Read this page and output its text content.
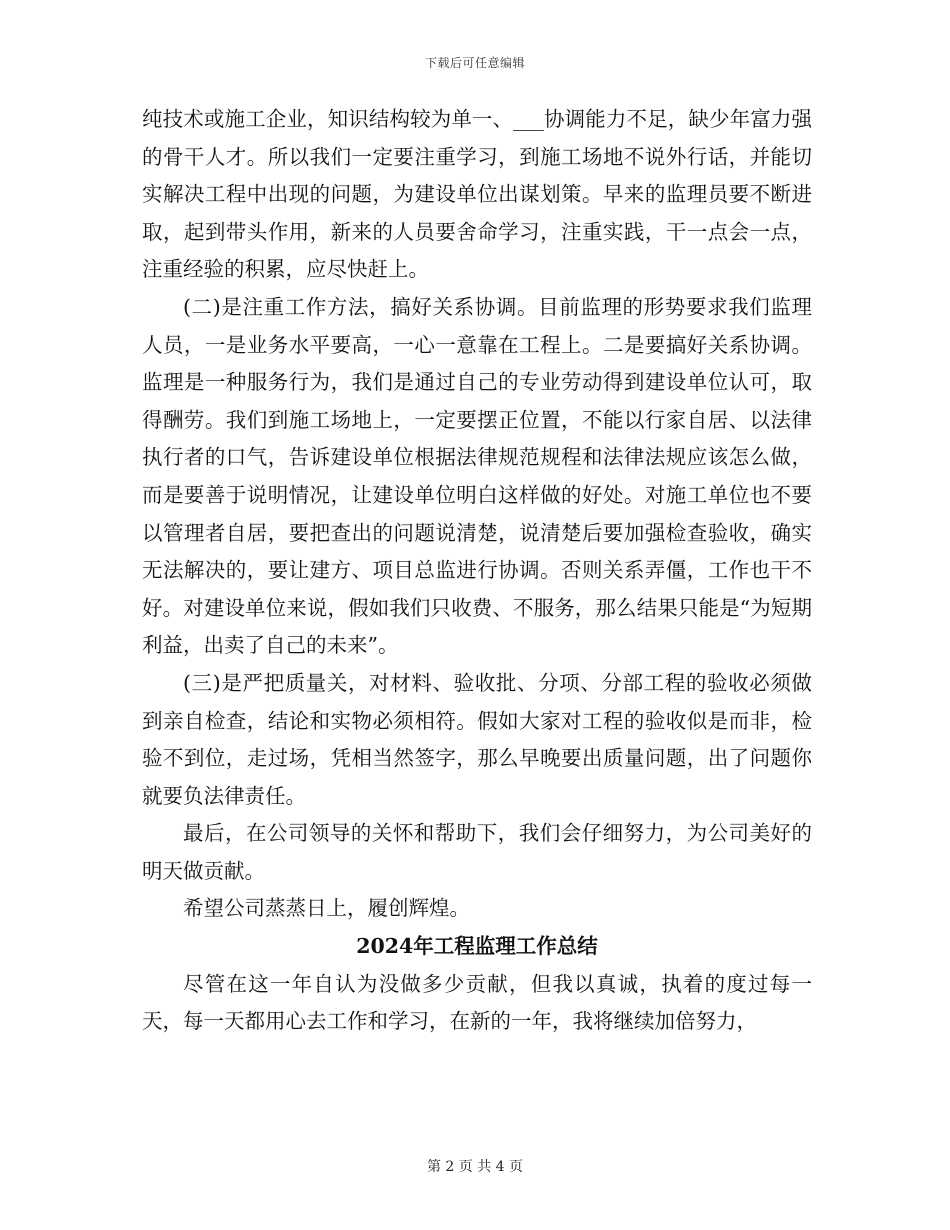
下载后可任意编辑

纯技术或施工企业，知识结构较为单一、___协调能力不足，缺少年富力强的骨干人才。所以我们一定要注重学习，到施工场地不说外行话，并能切实解决工程中出现的问题，为建设单位出谋划策。早来的监理员要不断进取，起到带头作用，新来的人员要舍命学习，注重实践，干一点会一点，注重经验的积累，应尽快赶上。

(二)是注重工作方法，搞好关系协调。目前监理的形势要求我们监理人员，一是业务水平要高，一心一意靠在工程上。二是要搞好关系协调。监理是一种服务行为，我们是通过自己的专业劳动得到建设单位认可，取得酬劳。我们到施工场地上，一定要摆正位置，不能以行家自居、以法律执行者的口气，告诉建设单位根据法律规范规程和法律法规应该怎么做，而是要善于说明情况，让建设单位明白这样做的好处。对施工单位也不要以管理者自居，要把查出的问题说清楚，说清楚后要加强检查验收，确实无法解决的，要让建方、项目总监进行协调。否则关系弄僵，工作也干不好。对建设单位来说，假如我们只收费、不服务，那么结果只能是“为短期利益，出卖了自己的未来”。

(三)是严把质量关，对材料、验收批、分项、分部工程的验收必须做到亲自检查，结论和实物必须相符。假如大家对工程的验收似是而非，检验不到位，走过场，凭相当然签字，那么早晚要出质量问题，出了问题你就要负法律责任。

最后，在公司领导的关怀和帮助下，我们会仔细努力，为公司美好的明天做贡献。

希望公司蒸蒸日上，履创辉煌。

2024年工程监理工作总结

尽管在这一年自认为没做多少贡献，但我以真诚，执着的度过每一天，每一天都用心去工作和学习，在新的一年，我将继续加倍努力，

第 2 页 共 4 页
